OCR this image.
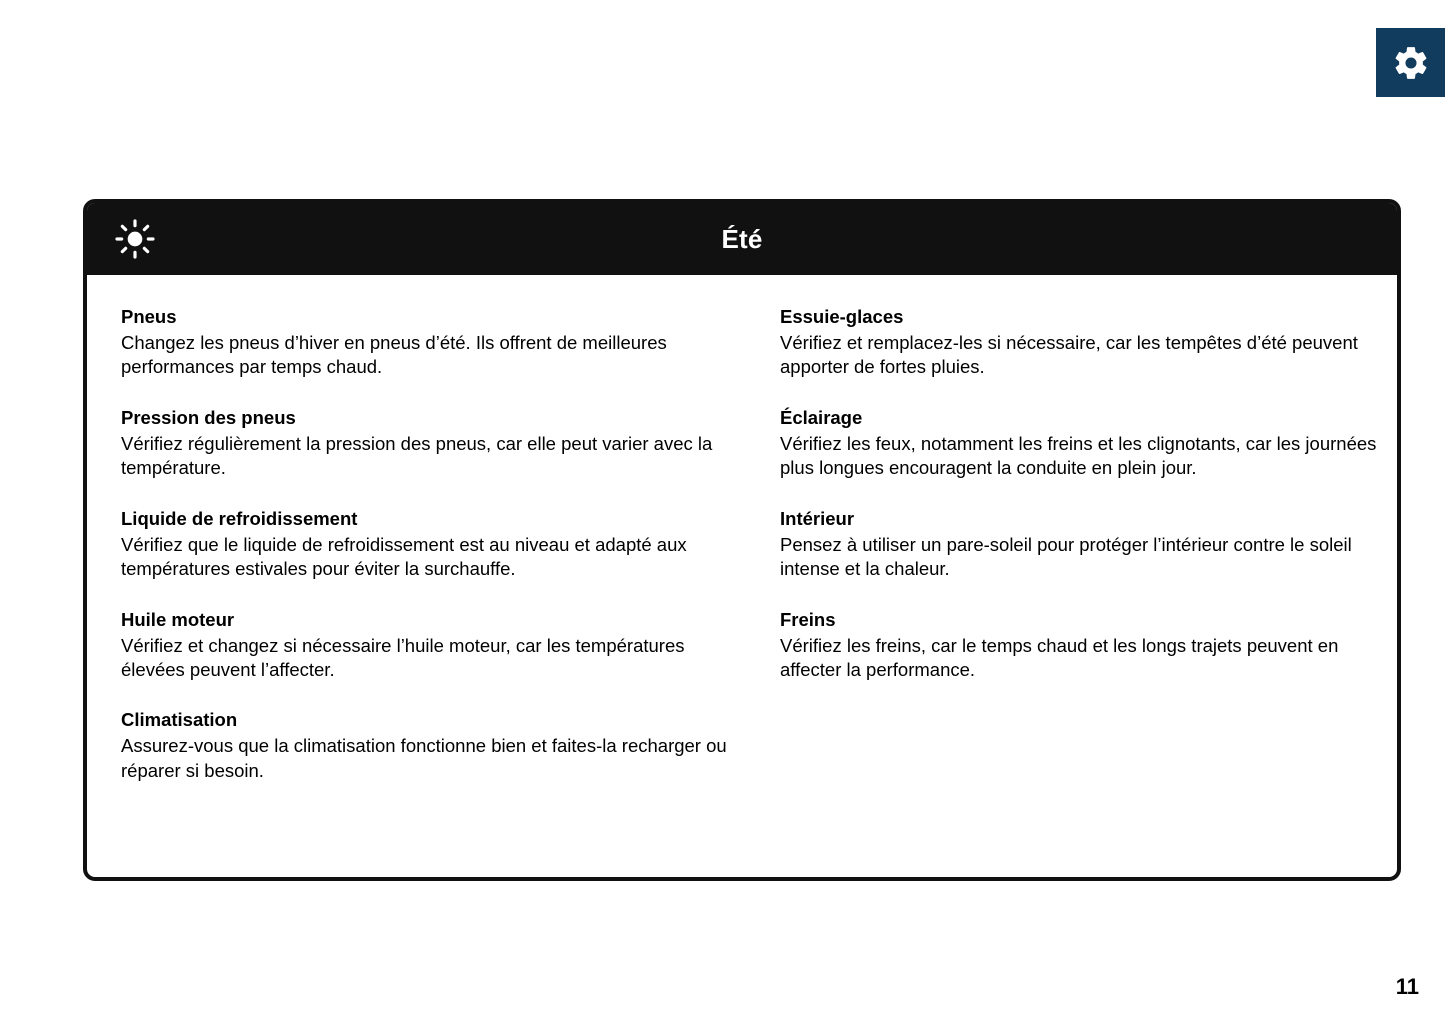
Été

Pneus

Changez les pneus d’hiver en pneus d’été. Ils offrent de meilleures performances par temps chaud.

Pression des pneus

Vérifiez régulièrement la pression des pneus, car elle peut varier avec la température.

Liquide de refroidissement

Vérifiez que le liquide de refroidissement est au niveau et adapté aux températures estivales pour éviter la surchauffe.

Huile moteur

Vérifiez et changez si nécessaire l’huile moteur, car les températures élevées peuvent l’affecter.

Climatisation

Assurez-vous que la climatisation fonctionne bien et faites-la recharger ou réparer si besoin.

Essuie-glaces

Vérifiez et remplacez-les si nécessaire, car les tempêtes d’été peuvent apporter de fortes pluies.

Éclairage

Vérifiez les feux, notamment les freins et les clignotants, car les journées plus longues encouragent la conduite en plein jour.

Intérieur

Pensez à utiliser un pare-soleil pour protéger l’intérieur contre le soleil intense et la chaleur.

Freins

Vérifiez les freins, car le temps chaud et les longs trajets peuvent en affecter la performance.

11
